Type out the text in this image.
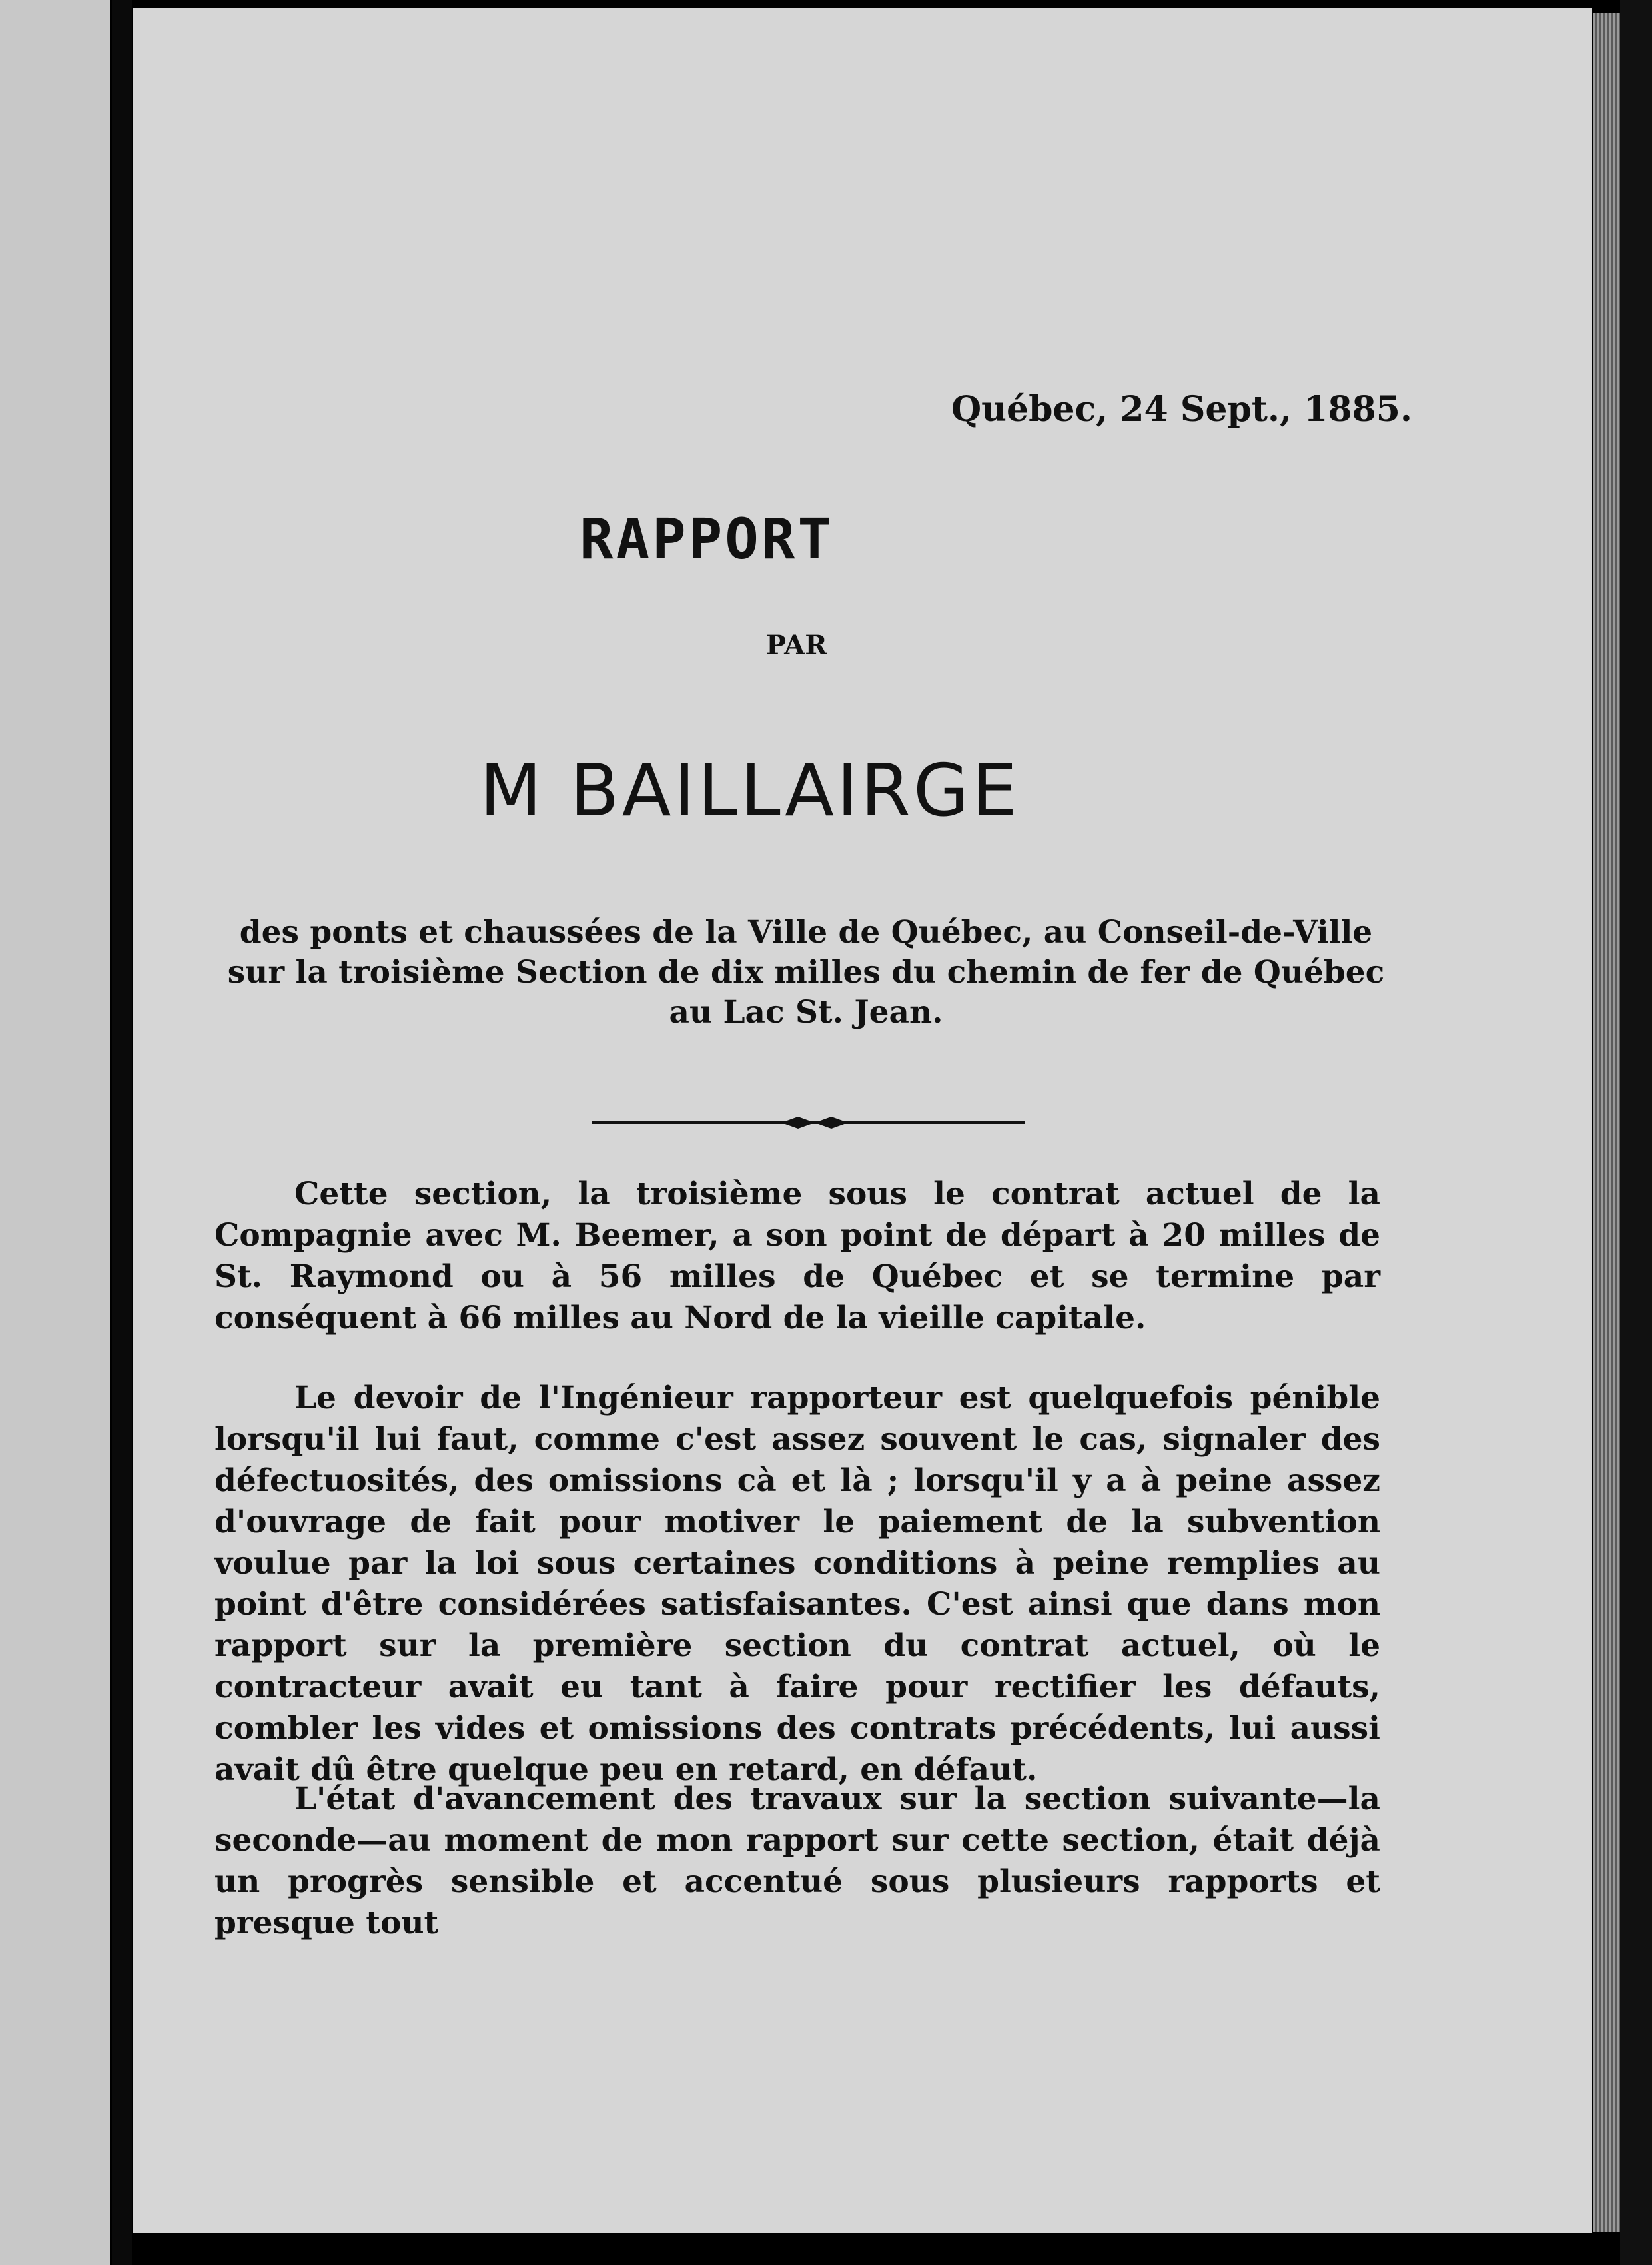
Québec, 24 Sept., 1885.
RAPPORT
PAR
M BAILLAIRGE
des ponts et chaussées de la Ville de Québec, au Conseil-de-Ville sur la troisième Section de dix milles du chemin de fer de Québec au Lac St. Jean.

Cette section, la troisième sous le contrat actuel de la Compagnie avec M. Beemer, a son point de départ à 20 milles de St. Raymond ou à 56 milles de Québec et se termine par conséquent à 66 milles au Nord de la vieille capitale.

Le devoir de l'Ingénieur rapporteur est quelquefois pénible lorsqu'il lui faut, comme c'est assez souvent le cas, signaler des défectuosités, des omissions cà et là ; lorsqu'il y a à peine assez d'ouvrage de fait pour motiver le paiement de la subvention voulue par la loi sous certaines conditions à peine remplies au point d'être considérées satisfaisantes. C'est ainsi que dans mon rapport sur la première section du contrat actuel, où le contracteur avait eu tant à faire pour rectifier les défauts, combler les vides et omissions des contrats précédents, lui aussi avait dû être quelque peu en retard, en défaut.

L'état d'avancement des travaux sur la section suivante—la seconde—au moment de mon rapport sur cette section, était déjà un progrès sensible et accentué sous plusieurs rapports et presque tout
